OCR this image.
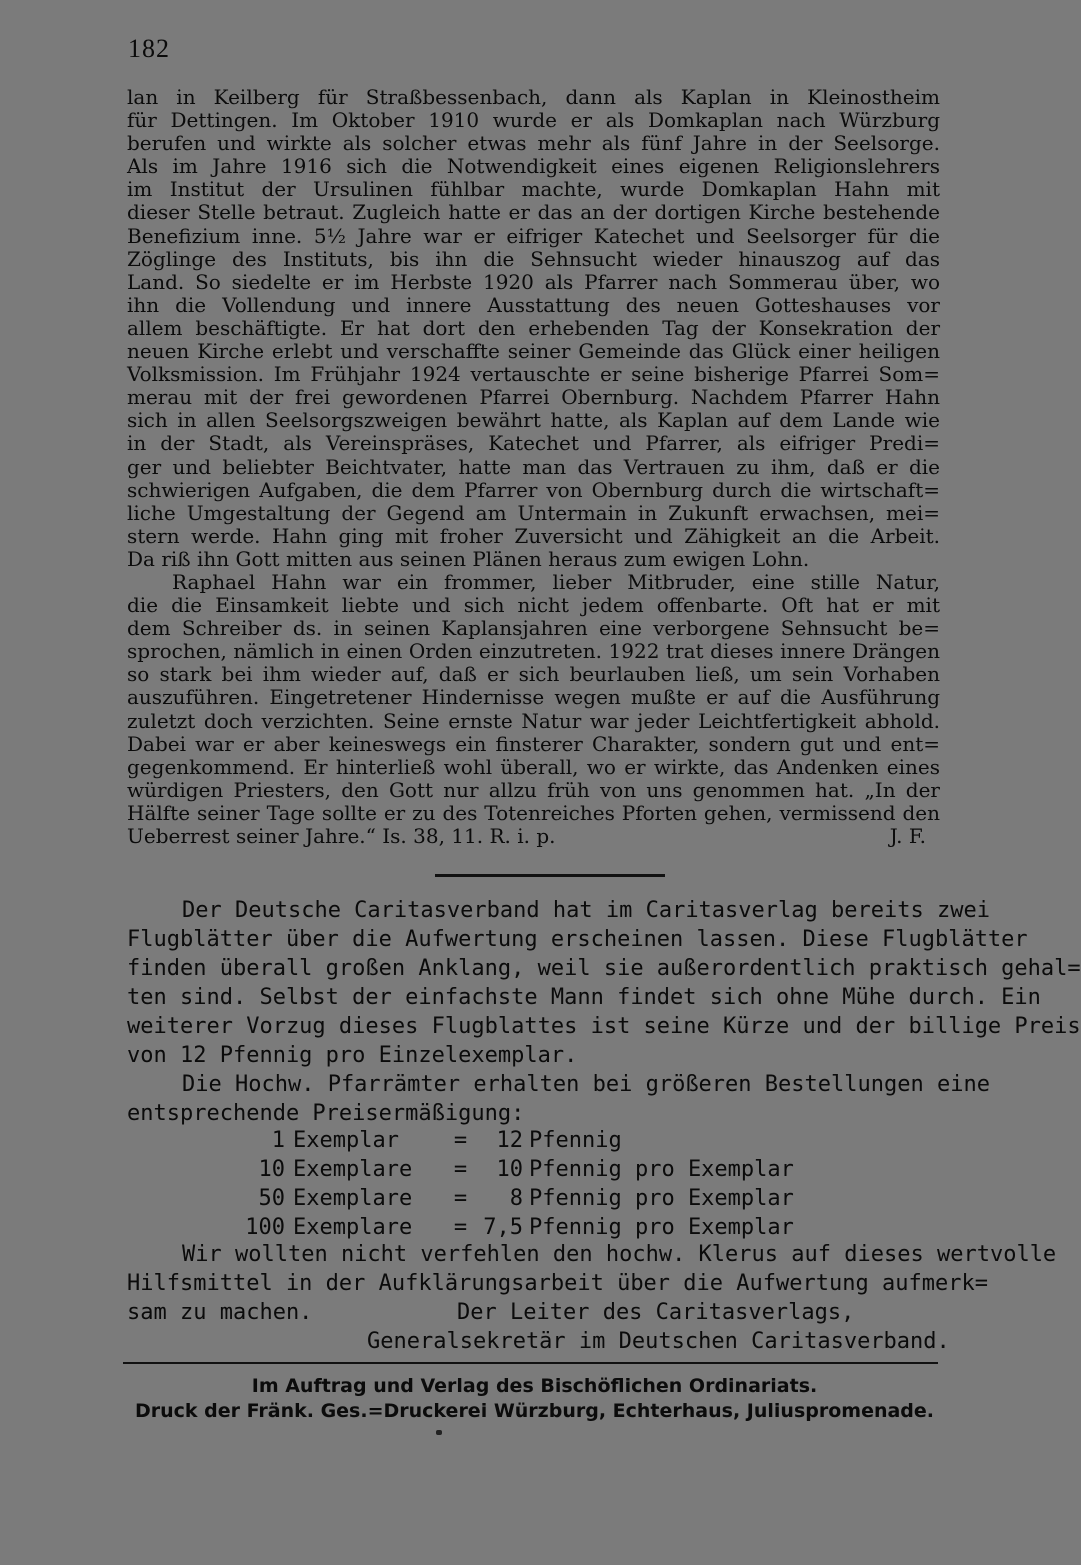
182
lan in Keilberg für Straßbessenbach, dann als Kaplan in Kleinostheim
für Dettingen. Im Oktober 1910 wurde er als Domkaplan nach Würzburg
berufen und wirkte als solcher etwas mehr als fünf Jahre in der Seelsorge.
Als im Jahre 1916 sich die Notwendigkeit eines eigenen Religionslehrers
im Institut der Ursulinen fühlbar machte, wurde Domkaplan Hahn mit
dieser Stelle betraut. Zugleich hatte er das an der dortigen Kirche bestehende
Benefizium inne. 5½ Jahre war er eifriger Katechet und Seelsorger für die
Zöglinge des Instituts, bis ihn die Sehnsucht wieder hinauszog auf das
Land. So siedelte er im Herbste 1920 als Pfarrer nach Sommerau über, wo
ihn die Vollendung und innere Ausstattung des neuen Gotteshauses vor
allem beschäftigte. Er hat dort den erhebenden Tag der Konsekration der
neuen Kirche erlebt und verschaffte seiner Gemeinde das Glück einer heiligen
Volksmission. Im Frühjahr 1924 vertauschte er seine bisherige Pfarrei Som=
merau mit der frei gewordenen Pfarrei Obernburg. Nachdem Pfarrer Hahn
sich in allen Seelsorgszweigen bewährt hatte, als Kaplan auf dem Lande wie
in der Stadt, als Vereinspräses, Katechet und Pfarrer, als eifriger Predi=
ger und beliebter Beichtvater, hatte man das Vertrauen zu ihm, daß er die
schwierigen Aufgaben, die dem Pfarrer von Obernburg durch die wirtschaft=
liche Umgestaltung der Gegend am Untermain in Zukunft erwachsen, mei=
stern werde. Hahn ging mit froher Zuversicht und Zähigkeit an die Arbeit.
Da riß ihn Gott mitten aus seinen Plänen heraus zum ewigen Lohn.
Raphael Hahn war ein frommer, lieber Mitbruder, eine stille Natur,
die die Einsamkeit liebte und sich nicht jedem offenbarte. Oft hat er mit
dem Schreiber ds. in seinen Kaplansjahren eine verborgene Sehnsucht be=
sprochen, nämlich in einen Orden einzutreten. 1922 trat dieses innere Drängen
so stark bei ihm wieder auf, daß er sich beurlauben ließ, um sein Vorhaben
auszuführen. Eingetretener Hindernisse wegen mußte er auf die Ausführung
zuletzt doch verzichten. Seine ernste Natur war jeder Leichtfertigkeit abhold.
Dabei war er aber keineswegs ein finsterer Charakter, sondern gut und ent=
gegenkommend. Er hinterließ wohl überall, wo er wirkte, das Andenken eines
würdigen Priesters, den Gott nur allzu früh von uns genommen hat. „In der
Hälfte seiner Tage sollte er zu des Totenreiches Pforten gehen, vermissend den
Ueberrest seiner Jahre.“ Is. 38, 11. R. i. p.	J. F.
Der Deutsche Caritasverband hat im Caritasverlag bereits zwei
Flugblätter über die Aufwertung erscheinen lassen. Diese Flugblätter
finden überall großen Anklang, weil sie außerordentlich praktisch gehal=
ten sind. Selbst der einfachste Mann findet sich ohne Mühe durch. Ein
weiterer Vorzug dieses Flugblattes ist seine Kürze und der billige Preis
von 12 Pfennig pro Einzelexemplar.
Die Hochw. Pfarrämter erhalten bei größeren Bestellungen eine
entsprechende Preisermäßigung:
1 Exemplar	=	12 Pfennig
10 Exemplare	=	10 Pfennig pro Exemplar
50 Exemplare	=	8 Pfennig pro Exemplar
100 Exemplare	= 7,5 Pfennig pro Exemplar
Wir wollten nicht verfehlen den hochw. Klerus auf dieses wertvolle
Hilfsmittel in der Aufklärungsarbeit über die Aufwertung aufmerk=
sam zu machen.	Der Leiter des Caritasverlags,
Generalsekretär im Deutschen Caritasverband.
Im Auftrag und Verlag des Bischöflichen Ordinariats.
Druck der Fränk. Ges.=Druckerei Würzburg, Echterhaus, Juliuspromenade.
